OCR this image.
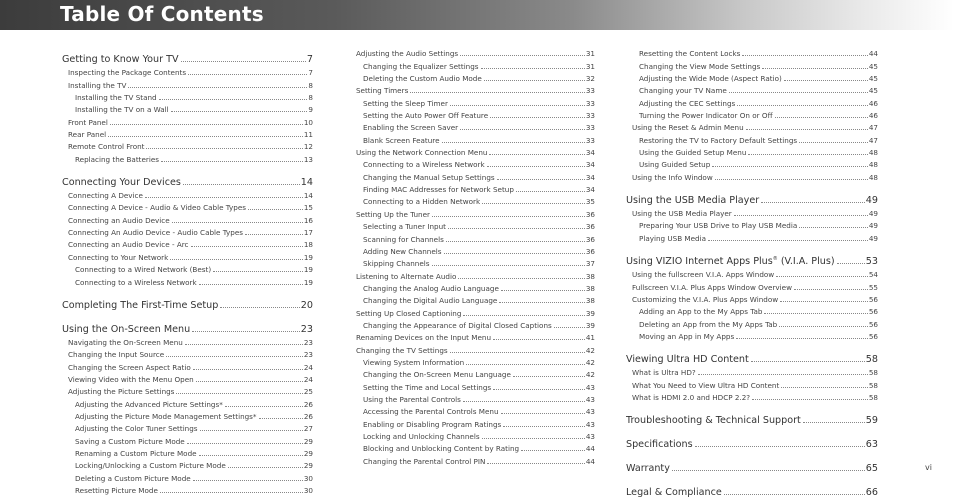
Table Of Contents
Getting to Know Your TV	7
Inspecting the Package Contents	7
Installing the TV	8
Installing the TV Stand	8
Installing the TV on a Wall	9
Front Panel	10
Rear Panel	11
Remote Control Front	12
Replacing the Batteries	13
Connecting Your Devices	14
Connecting A Device	14
Connecting A Device - Audio & Video Cable Types	15
Connecting an Audio Device	16
Connecting An Audio Device - Audio Cable Types	17
Connecting an Audio Device - Arc	18
Connecting to Your Network	19
Connecting to a Wired Network (Best)	19
Connecting to a Wireless Network	19
Completing The First-Time Setup	20
Using the On-Screen Menu	23
Navigating the On-Screen Menu	23
Changing the Input Source	23
Changing the Screen Aspect Ratio	24
Viewing Video with the Menu Open	24
Adjusting the Picture Settings	25
Adjusting the Advanced Picture Settings*	26
Adjusting the Picture Mode Management Settings*	26
Adjusting the Color Tuner Settings	27
Saving a Custom Picture Mode	29
Renaming a Custom Picture Mode	29
Locking/Unlocking a Custom Picture Mode	29
Deleting a Custom Picture Mode	30
Resetting Picture Mode	30
Adjusting the Audio Settings	31
Changing the Equalizer Settings	31
Deleting the Custom Audio Mode	32
Setting Timers	33
Setting the Sleep Timer	33
Setting the Auto Power Off Feature	33
Enabling the Screen Saver	33
Blank Screen Feature	33
Using the Network Connection Menu	34
Connecting to a Wireless Network	34
Changing the Manual Setup Settings	34
Finding MAC Addresses for Network Setup	34
Connecting to a Hidden Network	35
Setting Up the Tuner	36
Selecting a Tuner Input	36
Scanning for Channels	36
Adding New Channels	36
Skipping Channels	37
Listening to Alternate Audio	38
Changing the Analog Audio Language	38
Changing the Digital Audio Language	38
Setting Up Closed Captioning	39
Changing the Appearance of Digital Closed Captions	39
Renaming Devices on the Input Menu	41
Changing the TV Settings	42
Viewing System Information	42
Changing the On-Screen Menu Language	42
Setting the Time and Local Settings	43
Using the Parental Controls	43
Accessing the Parental Controls Menu	43
Enabling or Disabling Program Ratings	43
Locking and Unlocking Channels	43
Blocking and Unblocking Content by Rating	44
Changing the Parental Control PIN	44
Resetting the Content Locks	44
Changing the View Mode Settings	45
Adjusting the Wide Mode (Aspect Ratio)	45
Changing your TV Name	45
Adjusting the CEC Settings	46
Turning the Power Indicator On or Off	46
Using the Reset & Admin Menu	47
Restoring the TV to Factory Default Settings	47
Using the Guided Setup Menu	48
Using Guided Setup	48
Using the Info Window	48
Using the USB Media Player	49
Using the USB Media Player	49
Preparing Your USB Drive to Play USB Media	49
Playing USB Media	49
Using VIZIO Internet Apps Plus® (V.I.A. Plus)	53
Using the fullscreen V.I.A. Apps Window	54
Fullscreen V.I.A. Plus Apps Window Overview	55
Customizing the V.I.A. Plus Apps Window	56
Adding an App to the My Apps Tab	56
Deleting an App from the My Apps Tab	56
Moving an App in My Apps	56
Viewing Ultra HD Content	58
What is Ultra HD?	58
What You Need to View Ultra HD Content	58
What is HDMI 2.0 and HDCP 2.2?	58
Troubleshooting & Technical Support	59
Specifications	63
Warranty	65
Legal & Compliance	66
vi
